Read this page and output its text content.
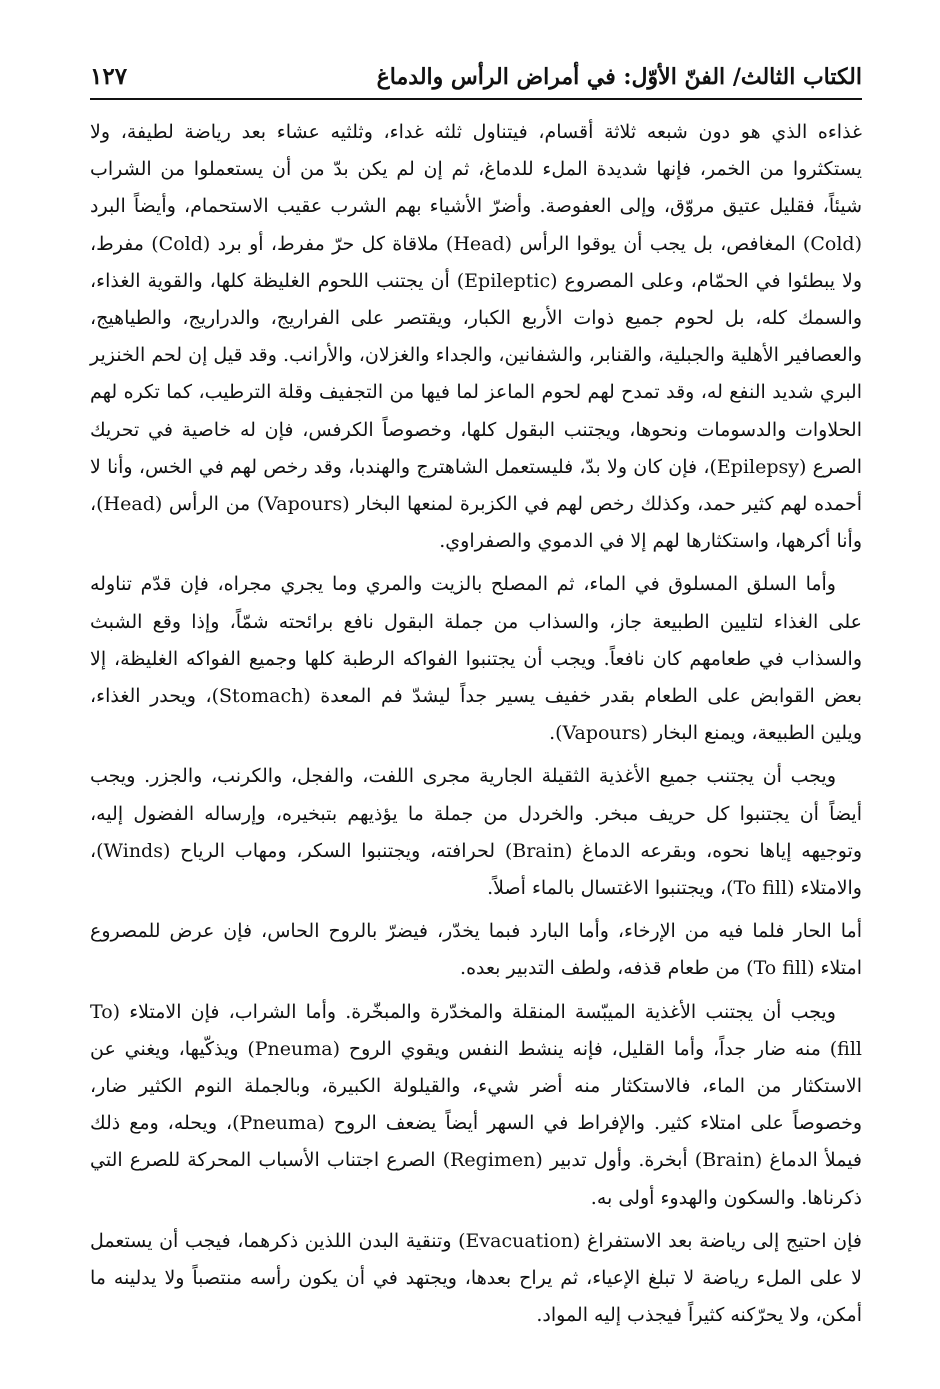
الكتاب الثالث/ الفنّ الأوّل: في أمراض الرأس والدماغ
١٢٧

غذاءه الذي هو دون شبعه ثلاثة أقسام، فيتناول ثلثه غداء، وثلثيه عشاء بعد رياضة لطيفة، ولا يستكثروا من الخمر، فإنها شديدة الملء للدماغ، ثم إن لم يكن بدّ من أن يستعملوا من الشراب شيئاً، فقليل عتيق مروّق، وإلى العفوصة. وأضرّ الأشياء بهم الشرب عقيب الاستحمام، وأيضاً البرد (Cold) المغافص، بل يجب أن يوقوا الرأس (Head) ملاقاة كل حرّ مفرط، أو برد (Cold) مفرط، ولا يبطئوا في الحمّام، وعلى المصروع (Epileptic) أن يجتنب اللحوم الغليظة كلها، والقوية الغذاء، والسمك كله، بل لحوم جميع ذوات الأربع الكبار، ويقتصر على الفراريج، والدراريج، والطياهيج، والعصافير الأهلية والجبلية، والقنابر، والشفانين، والجداء والغزلان، والأرانب. وقد قيل إن لحم الخنزير البري شديد النفع له، وقد تمدح لهم لحوم الماعز لما فيها من التجفيف وقلة الترطيب، كما تكره لهم الحلاوات والدسومات ونحوها، ويجتنب البقول كلها، وخصوصاً الكرفس، فإن له خاصية في تحريك الصرع (Epilepsy)، فإن كان ولا بدّ، فليستعمل الشاهترج والهندبا، وقد رخص لهم في الخس، وأنا لا أحمده لهم كثير حمد، وكذلك رخص لهم في الكزبرة لمنعها البخار (Vapours) من الرأس (Head)، وأنا أكرهها، واستكثارها لهم إلا في الدموي والصفراوي.

وأما السلق المسلوق في الماء، ثم المصلح بالزيت والمري وما يجري مجراه، فإن قدّم تناوله على الغذاء لتليين الطبيعة جاز، والسذاب من جملة البقول نافع برائحته شمّاً، وإذا وقع الشبث والسذاب في طعامهم كان نافعاً. ويجب أن يجتنبوا الفواكه الرطبة كلها وجميع الفواكه الغليظة، إلا بعض القوابض على الطعام بقدر خفيف يسير جداً ليشدّ فم المعدة (Stomach)، ويحدر الغذاء، ويلين الطبيعة، ويمنع البخار (Vapours).

ويجب أن يجتنب جميع الأغذية الثقيلة الجارية مجرى اللفت، والفجل، والكرنب، والجزر. ويجب أيضاً أن يجتنبوا كل حريف مبخر. والخردل من جملة ما يؤذيهم بتبخيره، وإرساله الفضول إليه، وتوجيهه إياها نحوه، وبقرعه الدماغ (Brain) لحرافته، ويجتنبوا السكر، ومهاب الرياح (Winds)، والامتلاء (To fill)، ويجتنبوا الاغتسال بالماء أصلاً.

أما الحار فلما فيه من الإرخاء، وأما البارد فبما يخدّر، فيضرّ بالروح الحاس، فإن عرض للمصروع امتلاء (To fill) من طعام قذفه، ولطف التدبير بعده.

ويجب أن يجتنب الأغذية الميبّسة المنقلة والمخدّرة والمبخّرة. وأما الشراب، فإن الامتلاء (To fill) منه ضار جداً، وأما القليل، فإنه ينشط النفس ويقوي الروح (Pneuma) ويذكّيها، ويغني عن الاستكثار من الماء، فالاستكثار منه أضر شيء، والقيلولة الكبيرة، وبالجملة النوم الكثير ضار، وخصوصاً على امتلاء كثير. والإفراط في السهر أيضاً يضعف الروح (Pneuma)، ويحله، ومع ذلك فيملأ الدماغ (Brain) أبخرة. وأول تدبير (Regimen) الصرع اجتناب الأسباب المحركة للصرع التي ذكرناها. والسكون والهدوء أولى به.

فإن احتيج إلى رياضة بعد الاستفراغ (Evacuation) وتنقية البدن اللذين ذكرهما، فيجب أن يستعمل لا على الملء رياضة لا تبلغ الإعياء، ثم يراح بعدها، ويجتهد في أن يكون رأسه منتصباً ولا يدلينه ما أمكن، ولا يحرّكنه كثيراً فيجذب إليه المواد.
